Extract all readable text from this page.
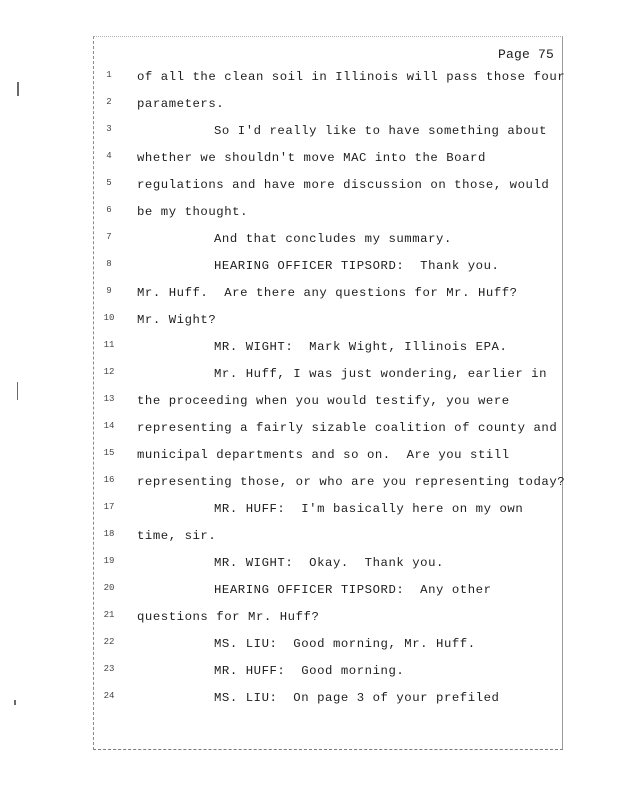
Page 75
1	of all the clean soil in Illinois will pass those four
2	parameters.
3	So I'd really like to have something about
4	whether we shouldn't move MAC into the Board
5	regulations and have more discussion on those, would
6	be my thought.
7	And that concludes my summary.
8	HEARING OFFICER TIPSORD:  Thank you.
9	Mr. Huff.  Are there any questions for Mr. Huff?
10	Mr. Wight?
11	MR. WIGHT:  Mark Wight, Illinois EPA.
12	Mr. Huff, I was just wondering, earlier in
13	the proceeding when you would testify, you were
14	representing a fairly sizable coalition of county and
15	municipal departments and so on.  Are you still
16	representing those, or who are you representing today?
17	MR. HUFF:  I'm basically here on my own
18	time, sir.
19	MR. WIGHT:  Okay.  Thank you.
20	HEARING OFFICER TIPSORD:  Any other
21	questions for Mr. Huff?
22	MS. LIU:  Good morning, Mr. Huff.
23	MR. HUFF:  Good morning.
24	MS. LIU:  On page 3 of your prefiled
